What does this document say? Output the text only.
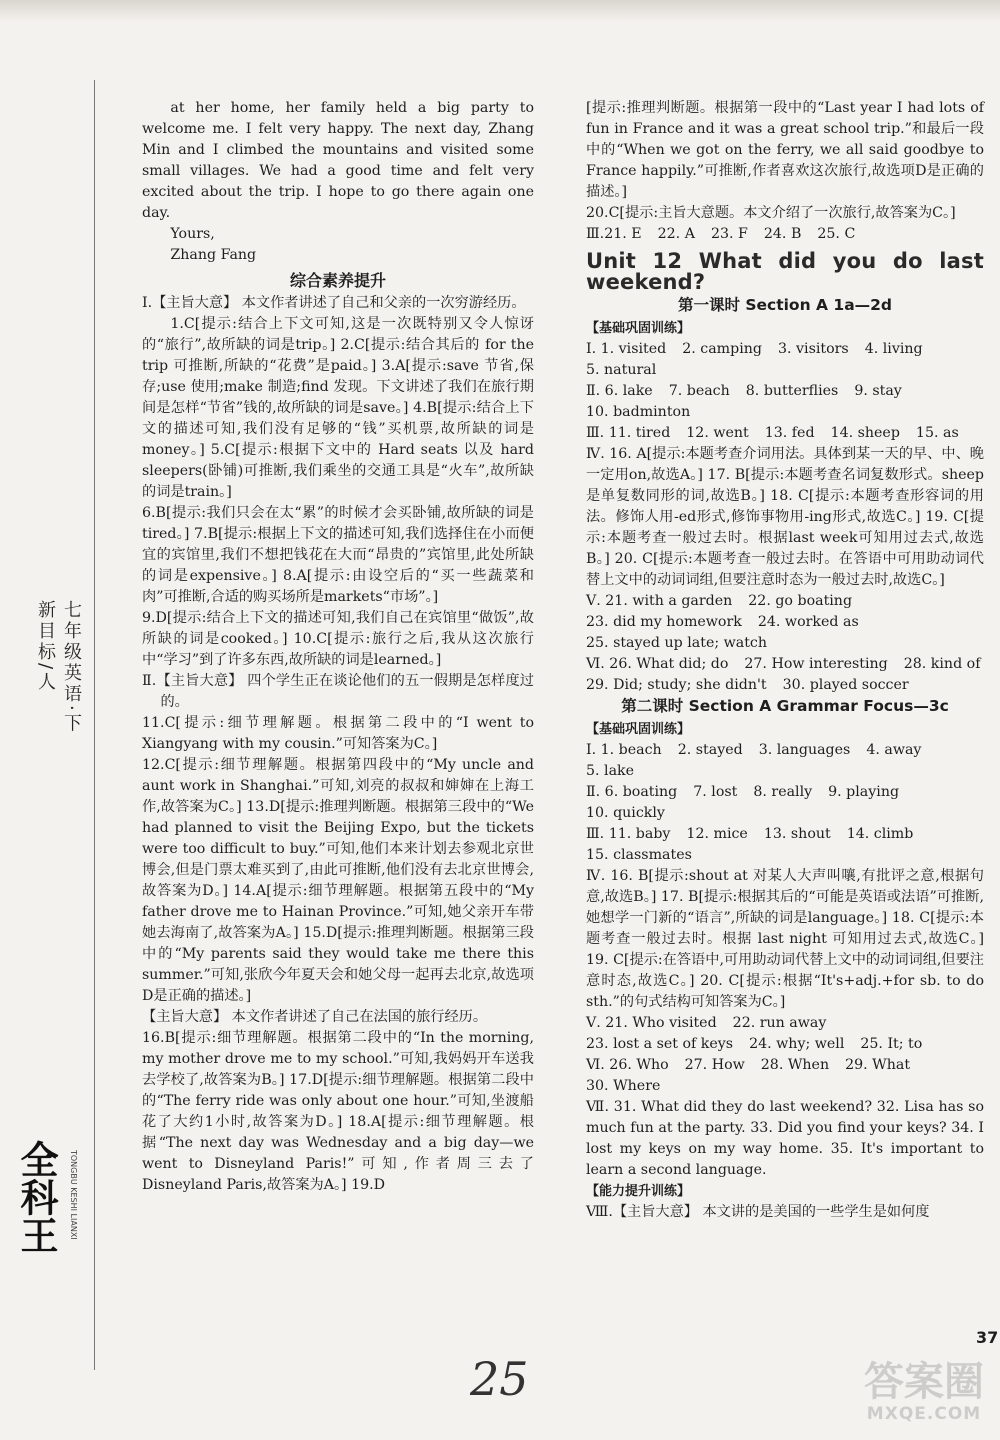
七年级英语·下
新目标/人
全科王	TONGBU KESHI LIANXI

at her home, her family held a big party to welcome me. I felt very happy. The next day, Zhang Min and I climbed the mountains and visited some small villages. We had a good time and felt very excited about the trip. I hope to go there again one day.

Yours,

Zhang Fang

综合素养提升

Ⅰ.【主旨大意】 本文作者讲述了自己和父亲的一次穷游经历。

1.C[提示:结合上下文可知,这是一次既特别又令人惊讶的“旅行”,故所缺的词是trip。] 2.C[提示:结合其后的 for the trip 可推断,所缺的“花费”是paid。] 3.A[提示:save 节省,保存;use 使用;make 制造;find 发现。下文讲述了我们在旅行期间是怎样“节省”钱的,故所缺的词是save。] 4.B[提示:结合上下文的描述可知,我们没有足够的“钱”买机票,故所缺的词是money。] 5.C[提示:根据下文中的 Hard seats 以及 hard sleepers(卧铺)可推断,我们乘坐的交通工具是“火车”,故所缺的词是train。]

6.B[提示:我们只会在太“累”的时候才会买卧铺,故所缺的词是tired。] 7.B[提示:根据上下文的描述可知,我们选择住在小而便宜的宾馆里,我们不想把钱花在大而“昂贵的”宾馆里,此处所缺的词是expensive。] 8.A[提示:由设空后的“买一些蔬菜和肉”可推断,合适的购买场所是markets“市场”。]

9.D[提示:结合上下文的描述可知,我们自己在宾馆里“做饭”,故所缺的词是cooked。] 10.C[提示:旅行之后,我从这次旅行中“学习”到了许多东西,故所缺的词是learned。]

Ⅱ.【主旨大意】 四个学生正在谈论他们的五一假期是怎样度过的。

11.C[提示:细节理解题。根据第二段中的“I went to Xiangyang with my cousin.”可知答案为C。]

12.C[提示:细节理解题。根据第四段中的“My uncle and aunt work in Shanghai.”可知,刘亮的叔叔和婶婶在上海工作,故答案为C。] 13.D[提示:推理判断题。根据第三段中的“We had planned to visit the Beijing Expo, but the tickets were too difficult to buy.”可知,他们本来计划去参观北京世博会,但是门票太难买到了,由此可推断,他们没有去北京世博会,故答案为D。] 14.A[提示:细节理解题。根据第五段中的“My father drove me to Hainan Province.”可知,她父亲开车带她去海南了,故答案为A。] 15.D[提示:推理判断题。根据第三段中的“My parents said they would take me there this summer.”可知,张欣今年夏天会和她父母一起再去北京,故选项D是正确的描述。]

【主旨大意】 本文作者讲述了自己在法国的旅行经历。

16.B[提示:细节理解题。根据第二段中的“In the morning, my mother drove me to my school.”可知,我妈妈开车送我去学校了,故答案为B。] 17.D[提示:细节理解题。根据第二段中的“The ferry ride was only about one hour.”可知,坐渡船花了大约1小时,故答案为D。] 18.A[提示:细节理解题。根据“The next day was Wednesday and a big day—we went to Disneyland Paris!”可知,作者周三去了 Disneyland Paris,故答案为A。] 19.D

[提示:推理判断题。根据第一段中的“Last year I had lots of fun in France and it was a great school trip.”和最后一段中的“When we got on the ferry, we all said goodbye to France happily.”可推断,作者喜欢这次旅行,故选项D是正确的描述。]

20.C[提示:主旨大意题。本文介绍了一次旅行,故答案为C。]

Ⅲ.21. E 22. A 23. F 24. B 25. C

Unit 12 What did you do last weekend?

第一课时 Section A 1a—2d

【基础巩固训练】

Ⅰ. 1. visited 2. camping 3. visitors 4. living
5. natural

Ⅱ. 6. lake 7. beach 8. butterflies 9. stay
10. badminton

Ⅲ. 11. tired 12. went 13. fed 14. sheep 15. as

Ⅳ. 16. A[提示:本题考查介词用法。具体到某一天的早、中、晚一定用on,故选A。] 17. B[提示:本题考查名词复数形式。sheep 是单复数同形的词,故选B。] 18. C[提示:本题考查形容词的用法。修饰人用-ed形式,修饰事物用-ing形式,故选C。] 19. C[提示:本题考查一般过去时。根据last week可知用过去式,故选B。] 20. C[提示:本题考查一般过去时。在答语中可用助动词代替上文中的动词词组,但要注意时态为一般过去时,故选C。]

Ⅴ. 21. with a garden 22. go boating
23. did my homework 24. worked as
25. stayed up late; watch

Ⅵ. 26. What did; do 27. How interesting 28. kind of
29. Did; study; she didn't 30. played soccer

第二课时 Section A Grammar Focus—3c

【基础巩固训练】

Ⅰ. 1. beach 2. stayed 3. languages 4. away
5. lake

Ⅱ. 6. boating 7. lost 8. really 9. playing
10. quickly

Ⅲ. 11. baby 12. mice 13. shout 14. climb
15. classmates

Ⅳ. 16. B[提示:shout at 对某人大声叫嚷,有批评之意,根据句意,故选B。] 17. B[提示:根据其后的“可能是英语或法语”可推断,她想学一门新的“语言”,所缺的词是language。] 18. C[提示:本题考查一般过去时。根据 last night 可知用过去式,故选C。] 19. C[提示:在答语中,可用助动词代替上文中的动词词组,但要注意时态,故选C。] 20. C[提示:根据“It's+adj.+for sb. to do sth.”的句式结构可知答案为C。]

Ⅴ. 21. Who visited 22. run away
23. lost a set of keys 24. why; well 25. It; to

Ⅵ. 26. Who 27. How 28. When 29. What
30. Where

Ⅶ. 31. What did they do last weekend? 32. Lisa has so much fun at the party. 33. Did you find your keys? 34. I lost my keys on my way home. 35. It's important to learn a second language.

【能力提升训练】

Ⅷ.【主旨大意】 本文讲的是美国的一些学生是如何度

37
25	答案圈
MXQE.COM
